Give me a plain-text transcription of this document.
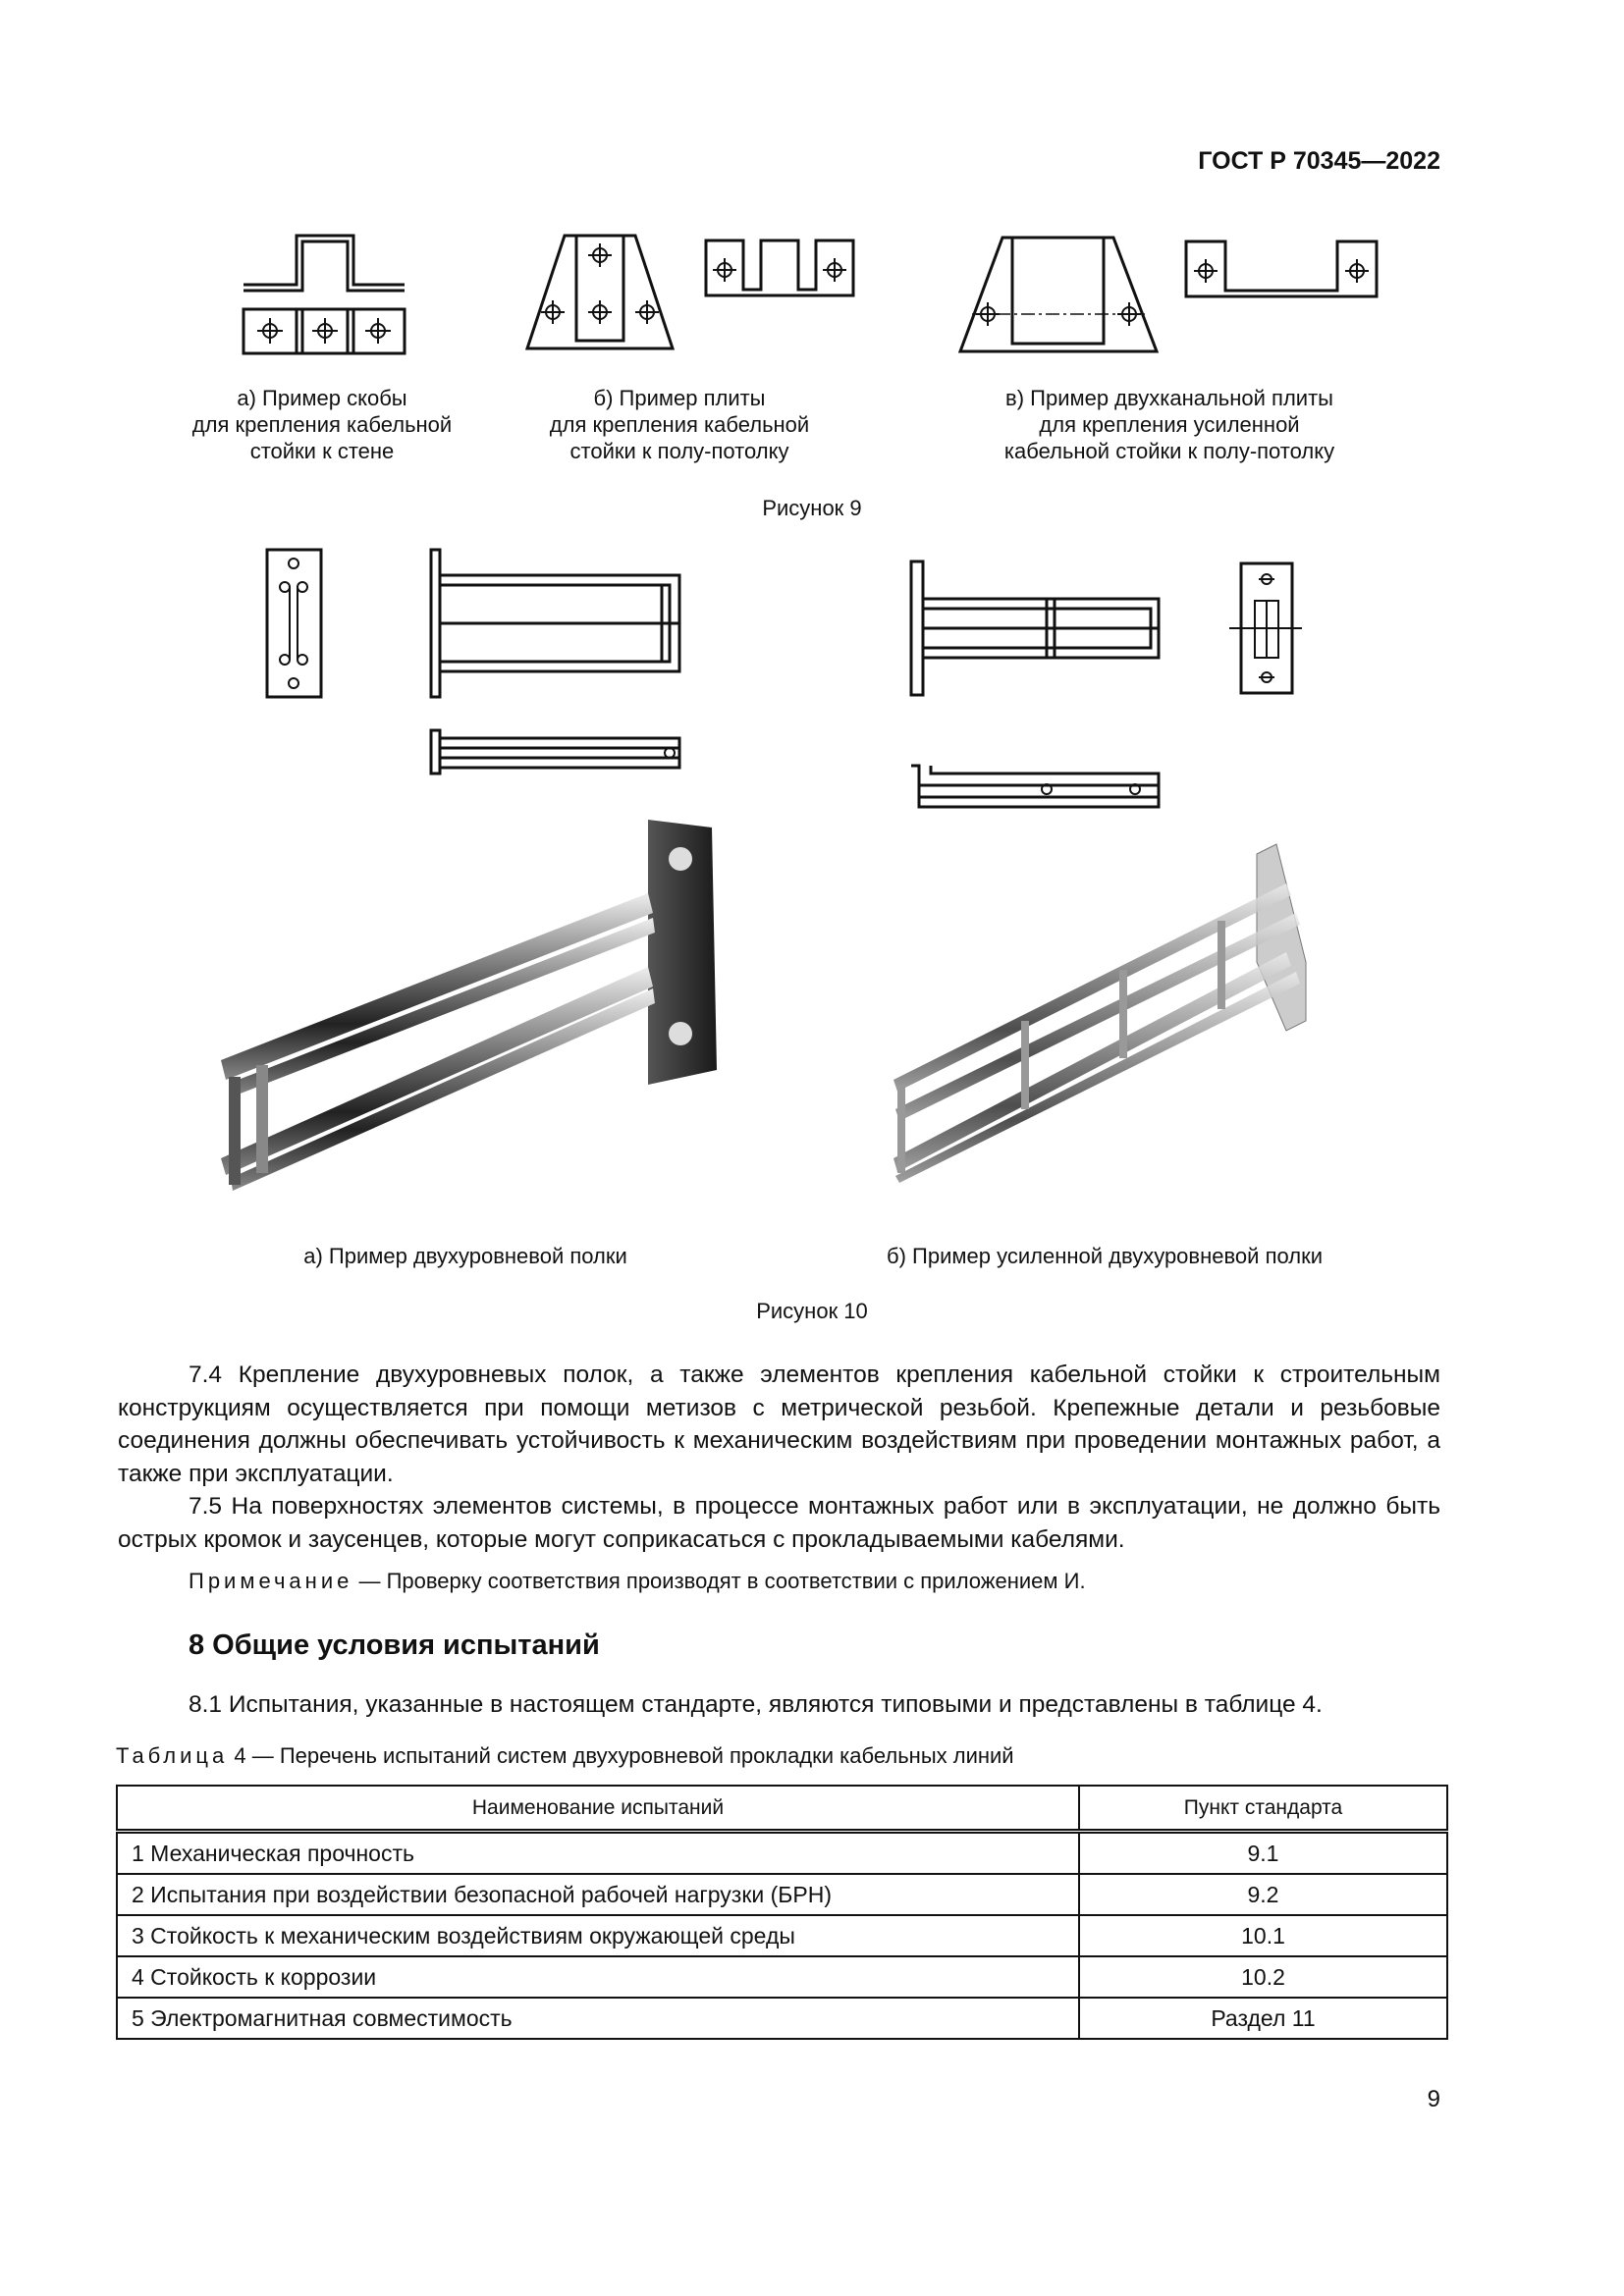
ГОСТ Р 70345—2022
а) Пример скобы
для крепления кабельной
стойки к стене
б) Пример плиты
для крепления кабельной
стойки к полу-потолку
в) Пример двухканальной плиты
для крепления усиленной
кабельной стойки к полу-потолку
Рисунок 9
а) Пример двухуровневой полки	б) Пример усиленной двухуровневой полки
Рисунок 10
7.4 Крепление двухуровневых полок, а также элементов крепления кабельной стойки к строительным конструкциям осуществляется при помощи метизов с метрической резьбой. Крепежные детали и резьбовые соединения должны обеспечивать устойчивость к механическим воздействиям при проведении монтажных работ, а также при эксплуатации.
7.5 На поверхностях элементов системы, в процессе монтажных работ или в эксплуатации, не должно быть острых кромок и заусенцев, которые могут соприкасаться с прокладываемыми кабелями.
Примечание — Проверку соответствия производят в соответствии с приложением И.
8 Общие условия испытаний
8.1 Испытания, указанные в настоящем стандарте, являются типовыми и представлены в таблице 4.
Таблица 4 — Перечень испытаний систем двухуровневой прокладки кабельных линий
Наименование испытаний	Пункт стандарта
1 Механическая прочность	9.1
2 Испытания при воздействии безопасной рабочей нагрузки (БРН)	9.2
3 Стойкость к механическим воздействиям окружающей среды	10.1
4 Стойкость к коррозии	10.2
5 Электромагнитная совместимость	Раздел 11
9
